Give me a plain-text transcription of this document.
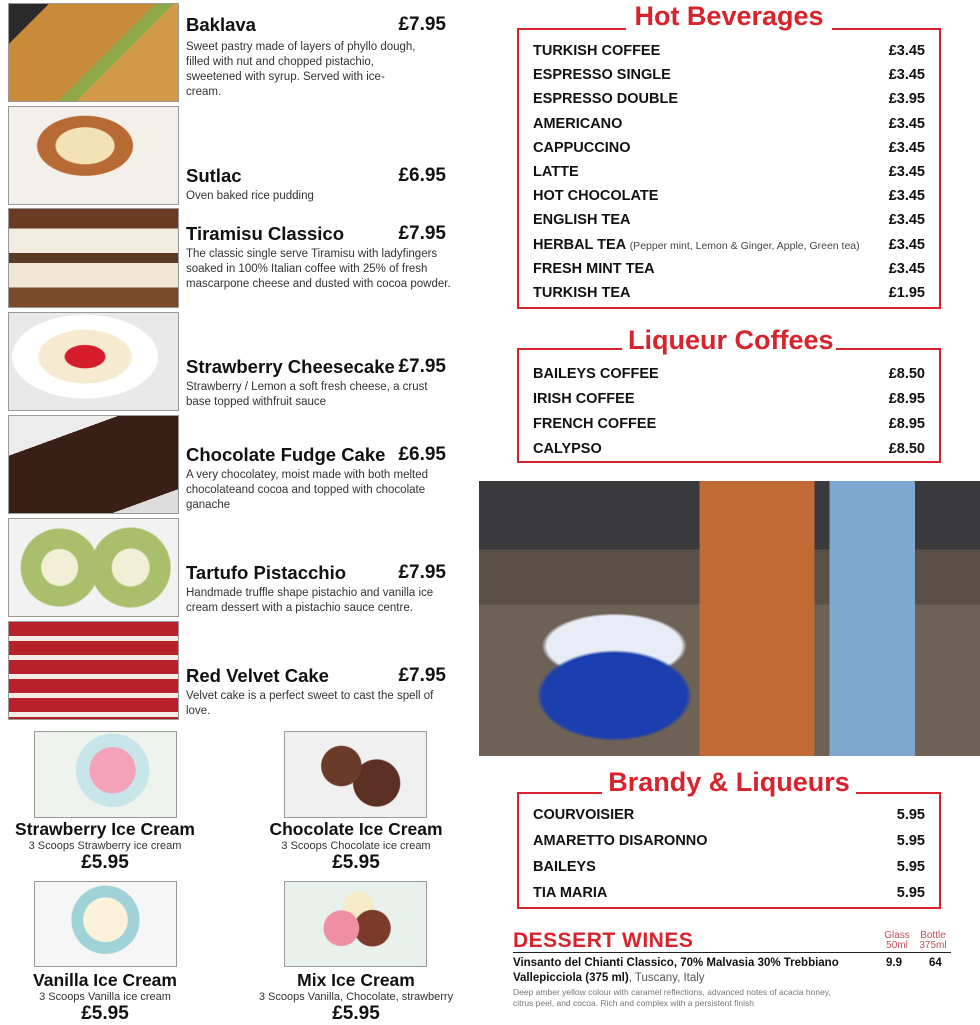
Baklava	£7.95
Sweet pastry made of layers of phyllo dough, filled with nut and chopped pistachio, sweetened with syrup. Served with ice-cream.
Sutlac	£6.95
Oven baked rice pudding
Tiramisu Classico	£7.95
The classic single serve Tiramisu with ladyfingers soaked in 100% Italian coffee with 25% of fresh mascarpone cheese and dusted with cocoa powder.
Strawberry Cheesecake £7.95
Strawberry / Lemon a soft fresh cheese, a crust base topped withfruit sauce
Chocolate Fudge Cake £6.95
A very chocolatey, moist made with both melted chocolateand cocoa and topped with chocolate ganache
Tartufo Pistacchio	£7.95
Handmade truffle shape pistachio and vanilla ice cream dessert with a pistachio sauce centre.
Red Velvet Cake	£7.95
Velvet cake is a perfect sweet to cast the spell of love.
Strawberry Ice Cream
3 Scoops Strawberry ice cream
£5.95
Chocolate Ice Cream
3 Scoops Chocolate ice cream
£5.95
Vanilla Ice Cream
3 Scoops Vanilla ice cream
£5.95
Mix Ice Cream
3 Scoops Vanilla, Chocolate, strawberry
£5.95
TURKISH COFFEE	£3.45
ESPRESSO SINGLE	£3.45
ESPRESSO DOUBLE	£3.95
AMERICANO	£3.45
CAPPUCCINO	£3.45
LATTE	£3.45
HOT CHOCOLATE	£3.45
ENGLISH TEA	£3.45
HERBAL TEA (Pepper mint, Lemon & Ginger, Apple, Green tea) £3.45
FRESH MINT TEA	£3.45
TURKISH TEA	£1.95
Hot Beverages
BAILEYS COFFEE	£8.50
IRISH COFFEE	£8.95
FRENCH COFFEE	£8.95
CALYPSO	£8.50
Liqueur Coffees
COURVOISIER	5.95
AMARETTO DISARONNO	5.95
BAILEYS	5.95
TIA MARIA	5.95
Brandy & Liqueurs
DESSERT WINES	Glass 50ml
Bottle 375ml
Vinsanto del Chianti Classico, 70% Malvasia 30% Trebbiano	9.9 64
Vallepicciola (375 ml), Tuscany, Italy
Deep amber yellow colour with caramel reflections, advanced notes of acacia honey, citrus peel, and cocoa. Rich and complex with a persistent finish
